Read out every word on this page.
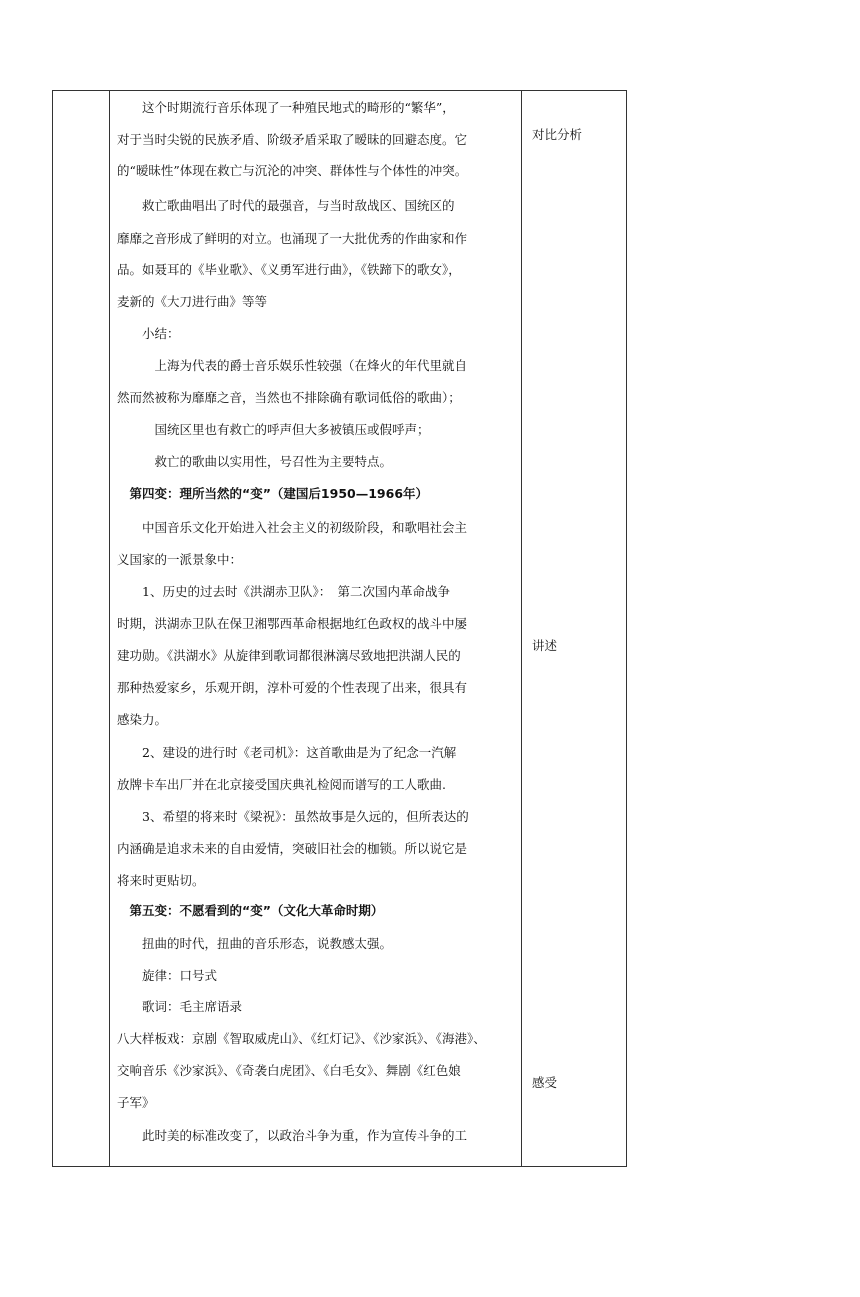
　　这个时期流行音乐体现了一种殖民地式的畸形的“繁华”，
对于当时尖锐的民族矛盾、阶级矛盾采取了暧昧的回避态度。它
的“暧昧性”体现在救亡与沉沦的冲突、群体性与个体性的冲突。
　　救亡歌曲唱出了时代的最强音，与当时敌战区、国统区的
靡靡之音形成了鲜明的对立。也涌现了一大批优秀的作曲家和作
品。如聂耳的《毕业歌》、《义勇军进行曲》，《铁蹄下的歌女》，
麦新的《大刀进行曲》等等
　　小结：
　　　上海为代表的爵士音乐娱乐性较强（在烽火的年代里就自
然而然被称为靡靡之音，当然也不排除确有歌词低俗的歌曲）；
　　　国统区里也有救亡的呼声但大多被镇压或假呼声；
　　　救亡的歌曲以实用性，号召性为主要特点。
　第四变：理所当然的“变”（建国后1950—1966年）
　　中国音乐文化开始进入社会主义的初级阶段，和歌唱社会主
义国家的一派景象中：
　　1、历史的过去时《洪湖赤卫队》：　第二次国内革命战争
时期，洪湖赤卫队在保卫湘鄂西革命根据地红色政权的战斗中屡
建功勋。《洪湖水》从旋律到歌词都很淋漓尽致地把洪湖人民的
那种热爱家乡，乐观开朗，淳朴可爱的个性表现了出来，很具有
感染力。
　　2、建设的进行时《老司机》：这首歌曲是为了纪念一汽解
放牌卡车出厂并在北京接受国庆典礼检阅而谱写的工人歌曲.
　　3、希望的将来时《梁祝》：虽然故事是久远的，但所表达的
内涵确是追求未来的自由爱情，突破旧社会的枷锁。所以说它是
将来时更贴切。
　第五变：不愿看到的“变”（文化大革命时期）
　　扭曲的时代，扭曲的音乐形态，说教感太强。
　　旋律：口号式
　　歌词：毛主席语录
八大样板戏：京剧《智取威虎山》、《红灯记》、《沙家浜》、《海港》、
交响音乐《沙家浜》、《奇袭白虎团》、《白毛女》、舞剧《红色娘
子军》
　　此时美的标准改变了，以政治斗争为重，作为宣传斗争的工
对比分析
讲述
感受
